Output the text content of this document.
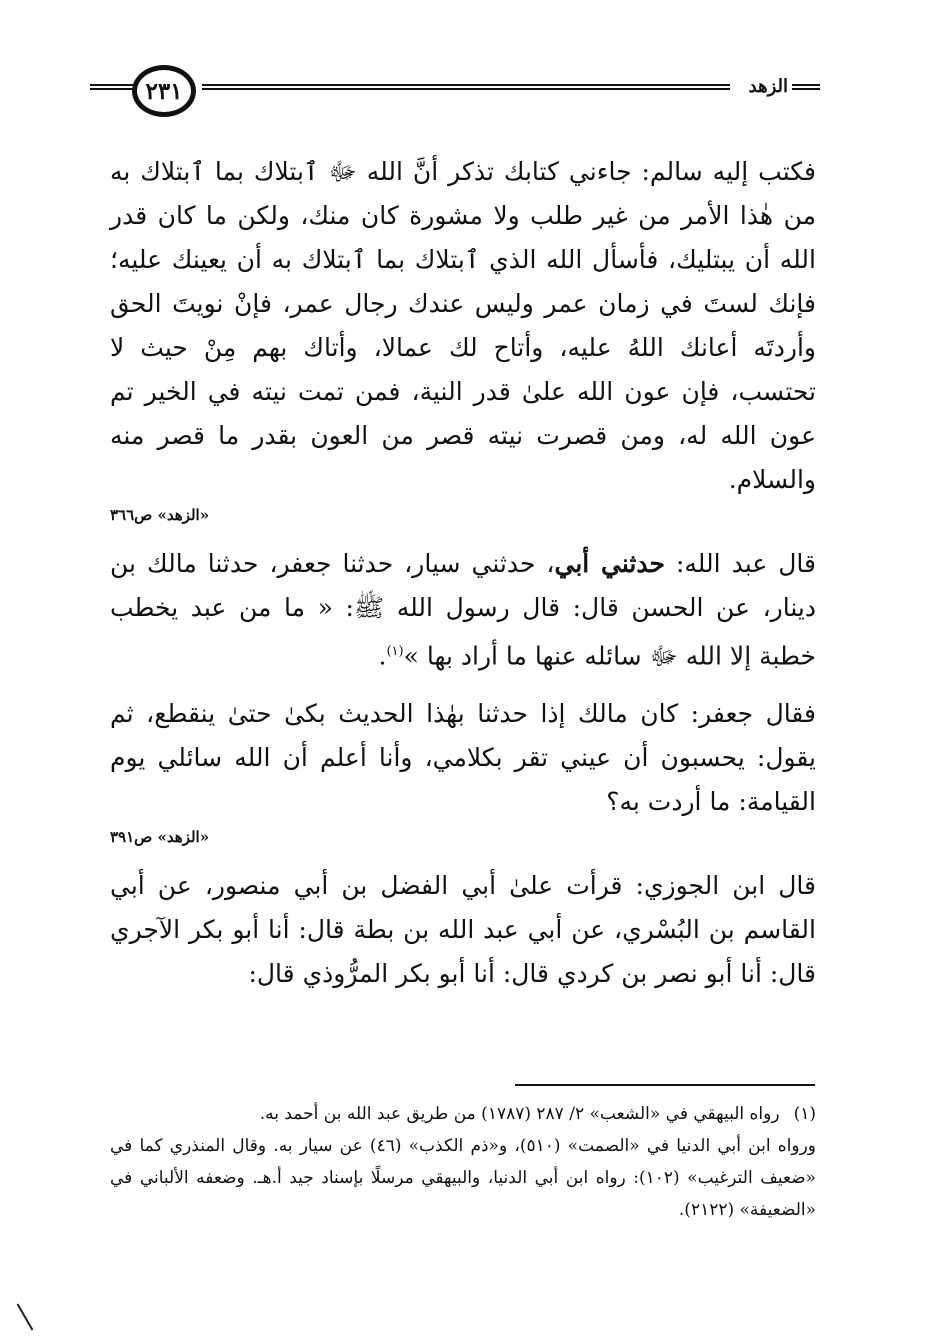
٢٣١	الزهد

فكتب إليه سالم: جاءني كتابك تذكر أنَّ الله ﷻ ٱبتلاك بما ٱبتلاك به من هٰذا الأمر من غير طلب ولا مشورة كان منك، ولكن ما كان قدر الله أن يبتليك، فأسأل الله الذي ٱبتلاك بما ٱبتلاك به أن يعينك عليه؛ فإنك لستَ في زمان عمر وليس عندك رجال عمر، فإنْ نويتَ الحق وأردتَه أعانك اللهُ عليه، وأتاح لك عمالا، وأتاك بهم مِنْ حيث لا تحتسب، فإن عون الله علىٰ قدر النية، فمن تمت نيته في الخير تم عون الله له، ومن قصرت نيته قصر من العون بقدر ما قصر منه والسلام.

«الزهد» ص٣٦٦

قال عبد الله: حدثني أبي، حدثني سيار، حدثنا جعفر، حدثنا مالك بن دينار، عن الحسن قال: قال رسول الله ﷺ: « ما من عبد يخطب خطبة إلا الله ﷻ سائله عنها ما أراد بها »$^{(١)}$.

فقال جعفر: كان مالك إذا حدثنا بهٰذا الحديث بكىٰ حتىٰ ينقطع، ثم يقول: يحسبون أن عيني تقر بكلامي، وأنا أعلم أن الله سائلي يوم القيامة: ما أردت به؟

«الزهد» ص٣٩١

قال ابن الجوزي: قرأت علىٰ أبي الفضل بن أبي منصور، عن أبي القاسم بن البُسْري، عن أبي عبد الله بن بطة قال: أنا أبو بكر الآجري قال: أنا أبو نصر بن كردي قال: أنا أبو بكر المرُّوذي قال:

(١)رواه البيهقي في «الشعب» ٢/ ٢٨٧ (١٧٨٧) من طريق عبد الله بن أحمد به.

ورواه ابن أبي الدنيا في «الصمت» (٥١٠)، و«ذم الكذب» (٤٦) عن سيار به. وقال المنذري كما في «ضعيف الترغيب» (١٠٢): رواه ابن أبي الدنيا، والبيهقي مرسلًا بإسناد جيد أ.هـ. وضعفه الألباني في «الضعيفة» (٢١٢٢).
